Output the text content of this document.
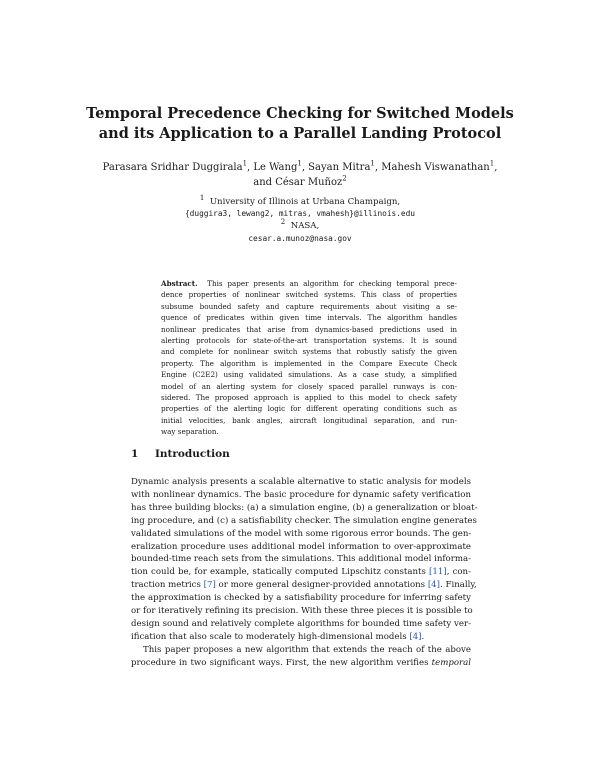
Temporal Precedence Checking for Switched Models
and its Application to a Parallel Landing Protocol
Parasara Sridhar Duggirala$^1$, Le Wang$^1$, Sayan Mitra$^1$, Mahesh Viswanathan$^1$,
and César Muñoz$^2$
$^1$ University of Illinois at Urbana Champaign,
{duggira3, lewang2, mitras, vmahesh}@illinois.edu
$^2$ NASA,
cesar.a.munoz@nasa.gov
Abstract. This paper presents an algorithm for checking temporal prece-
dence properties of nonlinear switched systems. This class of properties
subsume bounded safety and capture requirements about visiting a se-
quence of predicates within given time intervals. The algorithm handles
nonlinear predicates that arise from dynamics-based predictions used in
alerting protocols for state-of-the-art transportation systems. It is sound
and complete for nonlinear switch systems that robustly satisfy the given
property. The algorithm is implemented in the Compare Execute Check
Engine (C2E2) using validated simulations. As a case study, a simplified
model of an alerting system for closely spaced parallel runways is con-
sidered. The proposed approach is applied to this model to check safety
properties of the alerting logic for different operating conditions such as
initial velocities, bank angles, aircraft longitudinal separation, and run-
way separation.
1 Introduction
Dynamic analysis presents a scalable alternative to static analysis for models
with nonlinear dynamics. The basic procedure for dynamic safety verification
has three building blocks: (a) a simulation engine, (b) a generalization or bloat-
ing procedure, and (c) a satisfiability checker. The simulation engine generates
validated simulations of the model with some rigorous error bounds. The gen-
eralization procedure uses additional model information to over-approximate
bounded-time reach sets from the simulations. This additional model informa-
tion could be, for example, statically computed Lipschitz constants [11], con-
traction metrics [7] or more general designer-provided annotations [4]. Finally,
the approximation is checked by a satisfiability procedure for inferring safety
or for iteratively refining its precision. With these three pieces it is possible to
design sound and relatively complete algorithms for bounded time safety ver-
ification that also scale to moderately high-dimensional models [4].
This paper proposes a new algorithm that extends the reach of the above
procedure in two significant ways. First, the new algorithm verifies temporal
